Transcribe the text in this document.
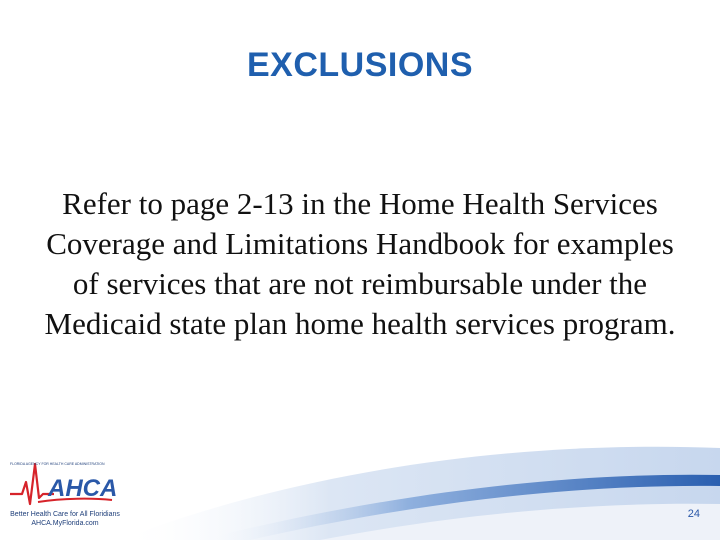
EXCLUSIONS
Refer to page 2-13 in the Home Health Services Coverage and Limitations Handbook for examples of services that are not reimbursable under the Medicaid state plan home health services program.
AHCA
FLORIDA AGENCY FOR HEALTH CARE ADMINISTRATION
Better Health Care for All Floridians
AHCA.MyFlorida.com
24
